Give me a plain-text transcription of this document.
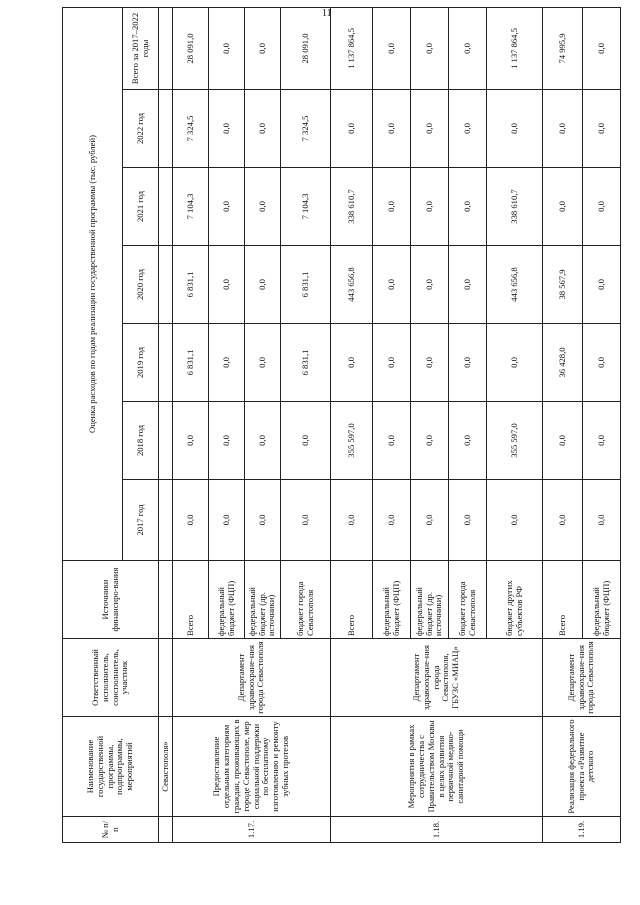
11
№ п/п	Наименование государственной программы, подпрограммы, мероприятий	Ответственный исполнитель, соисполнитель, участник	Источники финансиро-вания	Оценка расходов по годам реализации государственной программы (тыс. рублей)						
				2017 год	2018 год	2019 год	2020 год	2021 год	2022 год	Всего за 2017–2022 годы
	Севастополя»									
1.17.	Предоставление отдельным категориям граждан, проживающих в городе Севастополе, мер социальной поддержки по бесплатному изготовлению и ремонту зубных протезов	Департамент здравоохране-ния города Севастополя	Всего	0,0	0,0	6 831,1	6 831,1	7 104,3	7 324,5	28 091,0
			федеральный бюджет (ФЦП)	0,0	0,0	0,0	0,0	0,0	0,0	0,0
			федеральный бюджет (др. источники)	0,0	0,0	0,0	0,0	0,0	0,0	0,0
			бюджет города Севастополя	0,0	0,0	6 831,1	6 831,1	7 104,3	7 324,5	28 091,0
1.18.	Мероприятия в рамках сотрудничества с Правительством Москвы в целях развития первичной медико-санитарной помощи	Департамент здравоохране-ния города Севастополя, ГБУЗС «МИАЦ»	Всего	0,0	355 597,0	0,0	443 656,8	338 610,7	0,0	1 137 864,5
			федеральный бюджет (ФЦП)	0,0	0,0	0,0	0,0	0,0	0,0	0,0
			федеральный бюджет (др. источники)	0,0	0,0	0,0	0,0	0,0	0,0	0,0
			бюджет города Севастополя	0,0	0,0	0,0	0,0	0,0	0,0	0,0
			бюджет других субъектов РФ	0,0	355 597,0	0,0	443 656,8	338 610,7	0,0	1 137 864,5
1.19.	Реализация федерального проекта «Развитие детского	Департамент здравоохране-ния города Севастополя	Всего	0,0	0,0	36 428,0	38 567,9	0,0	0,0	74 995,9
			федеральный бюджет (ФЦП)	0,0	0,0	0,0	0,0	0,0	0,0	0,0
